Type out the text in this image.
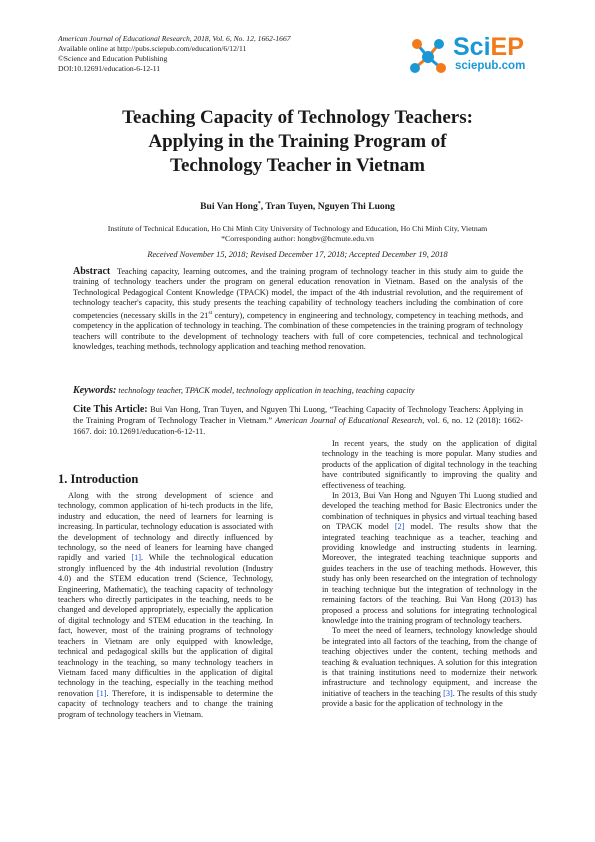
American Journal of Educational Research, 2018, Vol. 6, No. 12, 1662-1667
Available online at http://pubs.sciepub.com/education/6/12/11
©Science and Education Publishing
DOI:10.12691/education-6-12-11
SciEP
sciepub.com
Teaching Capacity of Technology Teachers:
Applying in the Training Program of
Technology Teacher in Vietnam
Bui Van Hong*, Tran Tuyen, Nguyen Thi Luong
Institute of Technical Education, Ho Chi Minh City University of Technology and Education, Ho Chi Minh City, Vietnam
*Corresponding author: hongbv@hcmute.edu.vn
Received November 15, 2018; Revised December 17, 2018; Accepted December 19, 2018
Abstract Teaching capacity, learning outcomes, and the training program of technology teacher in this study aim to guide the training of technology teachers under the program on general education renovation in Vietnam. Based on the analysis of the Technological Pedagogical Content Knowledge (TPACK) model, the impact of the 4th industrial revolution, and the requirement of technology teacher's capacity, this study presents the teaching capability of technology teachers including the combination of core competencies (necessary skills in the 21st century), competency in engineering and technology, competency in teaching methods, and competency in the application of technology in teaching. The combination of these competencies in the training program of technology teachers will contribute to the development of technology teachers with full of core competencies, technical and technological knowledges, teaching methods, technology application and teaching method renovation.
Keywords: technology teacher, TPACK model, technology application in teaching, teaching capacity
Cite This Article: Bui Van Hong, Tran Tuyen, and Nguyen Thi Luong, “Teaching Capacity of Technology Teachers: Applying in the Training Program of Technology Teacher in Vietnam.” American Journal of Educational Research, vol. 6, no. 12 (2018): 1662-1667. doi: 10.12691/education-6-12-11.
1. Introduction

Along with the strong development of science and technology, common application of hi-tech products in the life, industry and education, the need of learners for learning is increasing. In particular, technology education is associated with the development of technology and directly influenced by technology, so the need of leaners for learning have changed rapidly and varied [1]. While the technological education strongly influenced by the 4th industrial revolution (Industry 4.0) and the STEM education trend (Science, Technology, Engineering, Mathematic), the teaching capacity of technology teachers who directly participates in the teaching, needs to be changed and developed appropriately, especially the application of digital technology and STEM education in the teaching. In fact, however, most of the training programs of technology teachers in Vietnam are only equipped with knowledge, technical and pedagogical skills but the application of digital teachnology in the teaching, so many technology teachers in Vietnam faced many difficulties in the application of digital technology in the teaching, especially in the teaching method renovation [1]. Therefore, it is indispensable to determine the capacity of technology teachers and to change the training program of technology teachers in Vietnam.

In recent years, the study on the application of digital technology in the teaching is more popular. Many studies and products of the application of digital technology in the teaching have contributed significantly to improving the quality and effectiveness of teaching.

In 2013, Bui Van Hong and Nguyen Thi Luong studied and developed the teaching method for Basic Electronics under the combination of techniques in physics and virtual teaching based on TPACK model [2] model. The results show that the integrated teaching teachnique as a teacher, teaching and providing knowledge and instructing students in learning. Moreover, the integrated teaching teachnique supports and guides teachers in the use of teaching methods. However, this study has only been researched on the integration of technology in teaching technique but the integration of technology in the remaining factors of the teaching. Bui Van Hong (2013) has proposed a process and solutions for integrating technological knowledge into the training program of technology teachers.

To meet the need of learners, technology knowledge should be integrated into all factors of the teaching, from the change of teaching objectives under the content, teching methods and teaching & evaluation techniques. A solution for this integration is that training institutions need to modernize their network infrastructure and technology equipment, and increase the initiative of teachers in the teaching [3]. The results of this study provide a basic for the application of technology in the
